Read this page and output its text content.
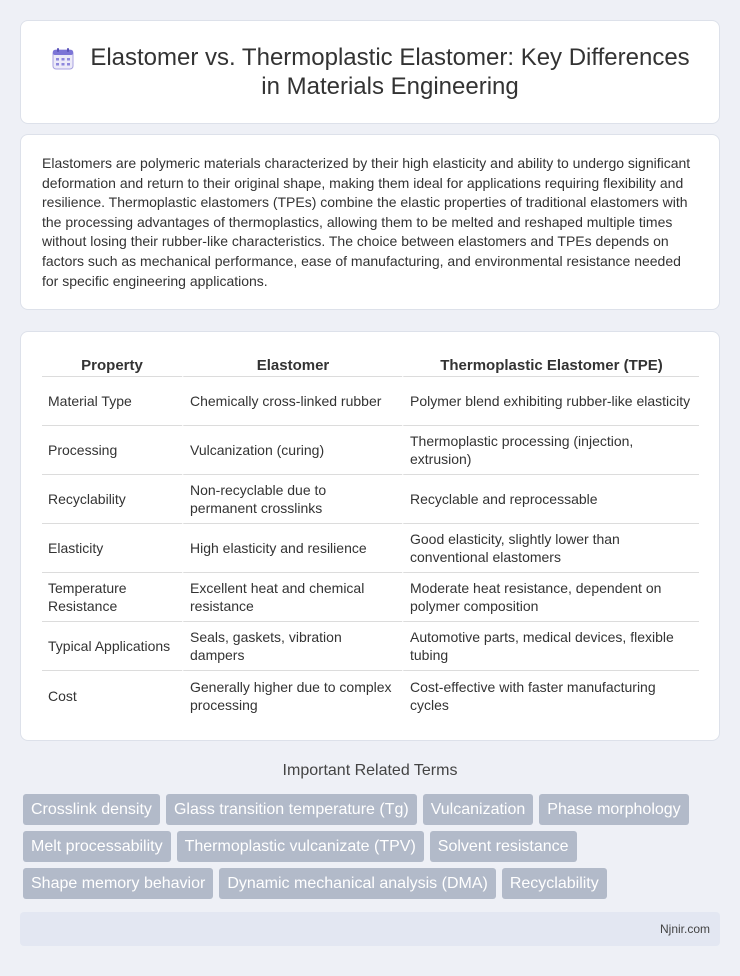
Elastomer vs. Thermoplastic Elastomer: Key Differences in Materials Engineering

Elastomers are polymeric materials characterized by their high elasticity and ability to undergo significant deformation and return to their original shape, making them ideal for applications requiring flexibility and resilience. Thermoplastic elastomers (TPEs) combine the elastic properties of traditional elastomers with the processing advantages of thermoplastics, allowing them to be melted and reshaped multiple times without losing their rubber-like characteristics. The choice between elastomers and TPEs depends on factors such as mechanical performance, ease of manufacturing, and environmental resistance needed for specific engineering applications.

Property	Elastomer	Thermoplastic Elastomer (TPE)
Material Type	Chemically cross-linked rubber	Polymer blend exhibiting rubber-like elasticity
Processing	Vulcanization (curing)	Thermoplastic processing (injection, extrusion)
Recyclability	Non-recyclable due to permanent crosslinks	Recyclable and reprocessable
Elasticity	High elasticity and resilience	Good elasticity, slightly lower than conventional elastomers
Temperature Resistance	Excellent heat and chemical resistance	Moderate heat resistance, dependent on polymer composition
Typical Applications	Seals, gaskets, vibration dampers	Automotive parts, medical devices, flexible tubing
Cost	Generally higher due to complex processing	Cost-effective with faster manufacturing cycles
Important Related Terms
Crosslink density	Glass transition temperature (Tg)	Vulcanization	Phase morphology
Melt processability	Thermoplastic vulcanizate (TPV)	Solvent resistance
Shape memory behavior	Dynamic mechanical analysis (DMA)	Recyclability
Njnir.com
